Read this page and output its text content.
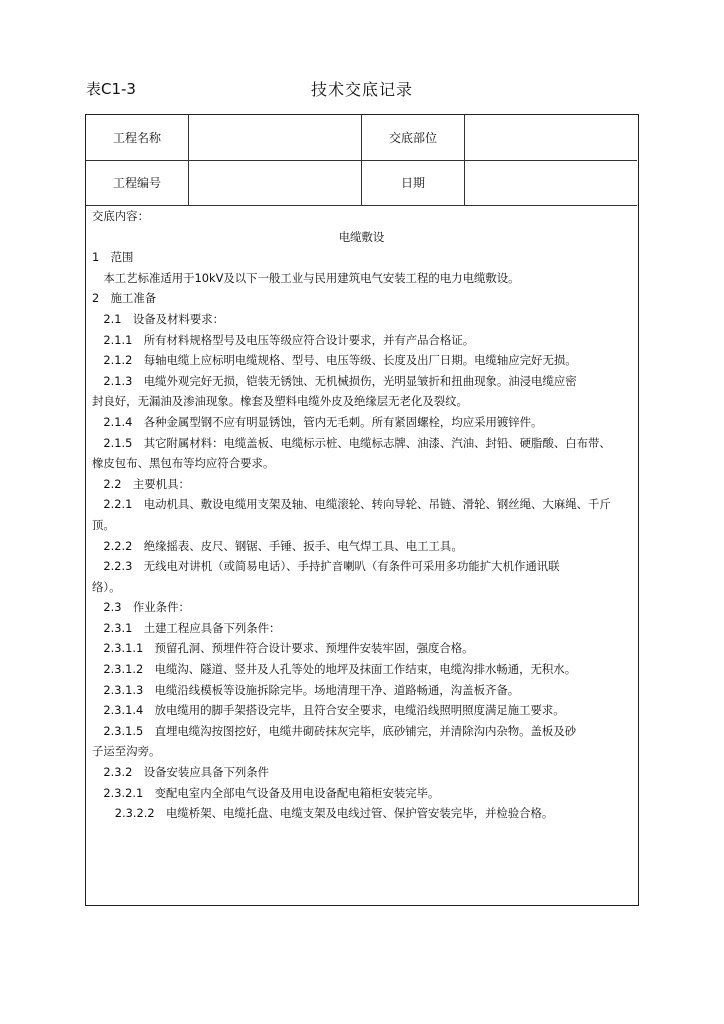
表C1-3	技术交底记录
工程名称	交底部位
工程编号	日期

交底内容：

电缆敷设

1　范围

　本工艺标准适用于10kV及以下一般工业与民用建筑电气安装工程的电力电缆敷设。

2　施工准备

　2.1　设备及材料要求：

　2.1.1　所有材料规格型号及电压等级应符合设计要求，并有产品合格证。

　2.1.2　每轴电缆上应标明电缆规格、型号、电压等级、长度及出厂日期。电缆轴应完好无损。

　2.1.3　电缆外观完好无损，铠装无锈蚀、无机械损伤，光明显皱折和扭曲现象。油浸电缆应密

封良好，无漏油及渗油现象。橡套及塑料电缆外皮及绝缘层无老化及裂纹。

　2.1.4　各种金属型钢不应有明显锈蚀，管内无毛刺。所有紧固螺栓，均应采用镀锌件。

　2.1.5　其它附属材料：电缆盖板、电缆标示桩、电缆标志牌、油漆、汽油、封铅、硬脂酸、白布带、

橡皮包布、黑包布等均应符合要求。

　2.2　主要机具：

　2.2.1　电动机具、敷设电缆用支架及轴、电缆滚轮、转向导轮、吊链、滑轮、钢丝绳、大麻绳、千斤

顶。

　2.2.2　绝缘摇表、皮尺、钢锯、手锤、扳手、电气焊工具、电工工具。

　2.2.3　无线电对讲机（或简易电话）、手持扩音喇叭（有条件可采用多功能扩大机作通讯联

络）。

　2.3　作业条件：

　2.3.1　土建工程应具备下列条件：

　2.3.1.1　预留孔洞、预埋件符合设计要求、预埋件安装牢固，强度合格。

　2.3.1.2　电缆沟、隧道、竖井及人孔等处的地坪及抹面工作结束，电缆沟排水畅通，无积水。

　2.3.1.3　电缆沿线模板等设施拆除完毕。场地清理干净、道路畅通，沟盖板齐备。

　2.3.1.4　放电缆用的脚手架搭设完毕，且符合安全要求，电缆沿线照明照度满足施工要求。

　2.3.1.5　直埋电缆沟按图挖好，电缆井砌砖抹灰完毕，底砂铺完，并清除沟内杂物。盖板及砂

子运至沟旁。

　2.3.2　设备安装应具备下列条件

　2.3.2.1　变配电室内全部电气设备及用电设备配电箱柜安装完毕。

　　2.3.2.2　电缆桥架、电缆托盘、电缆支架及电线过管、保护管安装完毕，并检验合格。
